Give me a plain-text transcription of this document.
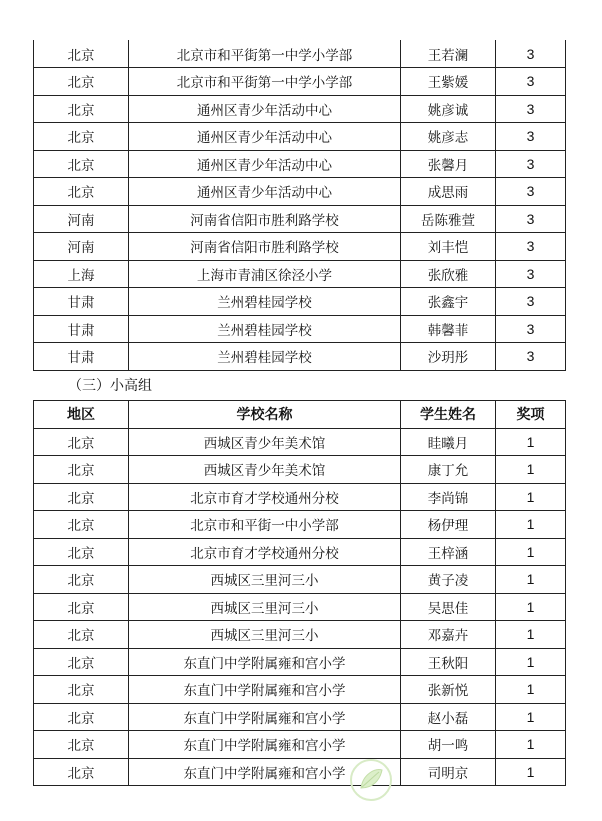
北京	北京市和平街第一中学小学部	王若澜	3
北京	北京市和平街第一中学小学部	王紫媛	3
北京	通州区青少年活动中心	姚彦诚	3
北京	通州区青少年活动中心	姚彦志	3
北京	通州区青少年活动中心	张馨月	3
北京	通州区青少年活动中心	成思雨	3
河南	河南省信阳市胜利路学校	岳陈雅萱	3
河南	河南省信阳市胜利路学校	刘丰恺	3
上海	上海市青浦区徐泾小学	张欣雅	3
甘肃	兰州碧桂园学校	张鑫宇	3
甘肃	兰州碧桂园学校	韩馨菲	3
甘肃	兰州碧桂园学校	沙玥彤	3
（三）小高组
地区	学校名称	学生姓名	奖项
北京	西城区青少年美术馆	眭曦月	1
北京	西城区青少年美术馆	康丁允	1
北京	北京市育才学校通州分校	李尚锦	1
北京	北京市和平街一中小学部	杨伊理	1
北京	北京市育才学校通州分校	王梓涵	1
北京	西城区三里河三小	黄子凌	1
北京	西城区三里河三小	吴思佳	1
北京	西城区三里河三小	邓嘉卉	1
北京	东直门中学附属雍和宫小学	王秋阳	1
北京	东直门中学附属雍和宫小学	张新悦	1
北京	东直门中学附属雍和宫小学	赵小磊	1
北京	东直门中学附属雍和宫小学	胡一鸣	1
北京	东直门中学附属雍和宫小学	司明京	1
